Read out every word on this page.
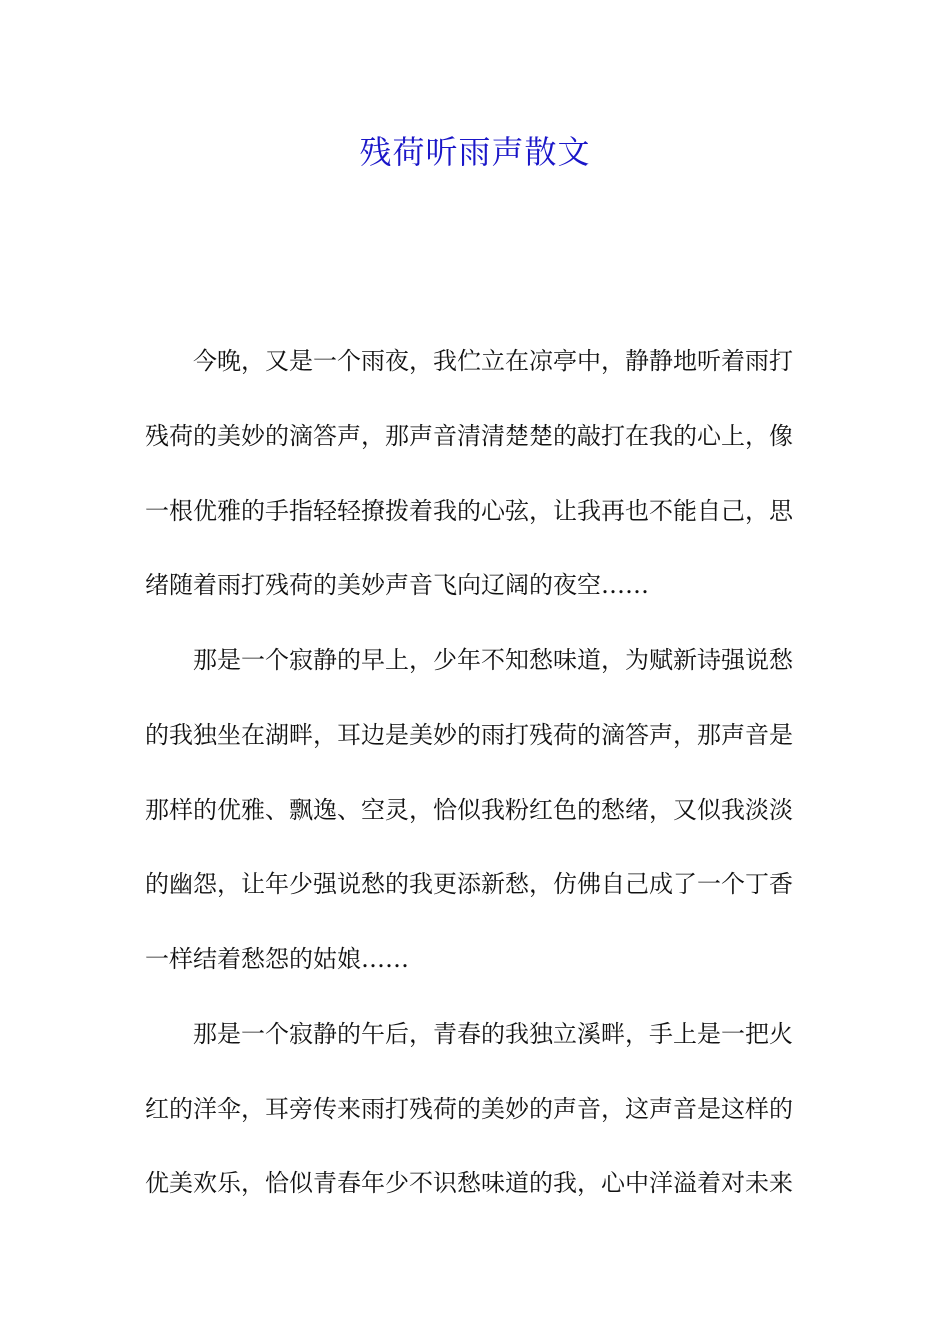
残荷听雨声散文
今晚，又是一个雨夜，我伫立在凉亭中，静静地听着雨打
残荷的美妙的滴答声，那声音清清楚楚的敲打在我的心上，像
一根优雅的手指轻轻撩拨着我的心弦，让我再也不能自己，思
绪随着雨打残荷的美妙声音飞向辽阔的夜空……
那是一个寂静的早上，少年不知愁味道，为赋新诗强说愁
的我独坐在湖畔，耳边是美妙的雨打残荷的滴答声，那声音是
那样的优雅、飘逸、空灵，恰似我粉红色的愁绪，又似我淡淡
的幽怨，让年少强说愁的我更添新愁，仿佛自己成了一个丁香
一样结着愁怨的姑娘……
那是一个寂静的午后，青春的我独立溪畔，手上是一把火
红的洋伞，耳旁传来雨打残荷的美妙的声音，这声音是这样的
优美欢乐，恰似青春年少不识愁味道的我，心中洋溢着对未来
